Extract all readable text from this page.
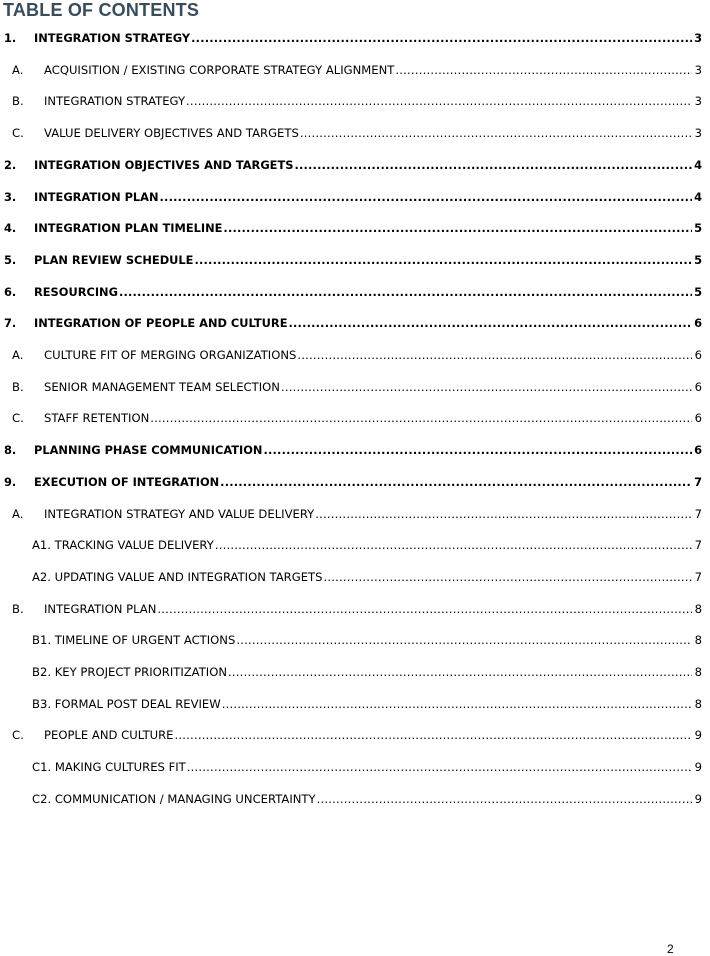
TABLE OF CONTENTS
1.	INTEGRATION STRATEGY .....	3
A.	ACQUISITION / EXISTING CORPORATE STRATEGY ALIGNMENT .....	3
B.	INTEGRATION STRATEGY .....	3
C.	VALUE DELIVERY OBJECTIVES AND TARGETS .....	3
2.	INTEGRATION OBJECTIVES AND TARGETS .....	4
3.	INTEGRATION PLAN .....	4
4.	INTEGRATION PLAN TIMELINE .....	5
5.	PLAN REVIEW SCHEDULE .....	5
6.	RESOURCING .....	5
7.	INTEGRATION OF PEOPLE AND CULTURE .....	6
A.	CULTURE FIT OF MERGING ORGANIZATIONS .....	6
B.	SENIOR MANAGEMENT TEAM SELECTION .....	6
C.	STAFF RETENTION .....	6
8.	PLANNING PHASE COMMUNICATION .....	6
9.	EXECUTION OF INTEGRATION .....	7
A.	INTEGRATION STRATEGY AND VALUE DELIVERY .....	7
A1. TRACKING VALUE DELIVERY .....	7
A2. UPDATING VALUE AND INTEGRATION TARGETS .....	7
B.	INTEGRATION PLAN .....	8
B1. TIMELINE OF URGENT ACTIONS .....	8
B2. KEY PROJECT PRIORITIZATION .....	8
B3. FORMAL POST DEAL REVIEW .....	8
C.	PEOPLE AND CULTURE .....	9
C1. MAKING CULTURES FIT .....	9
C2. COMMUNICATION / MANAGING UNCERTAINTY .....	9
2
